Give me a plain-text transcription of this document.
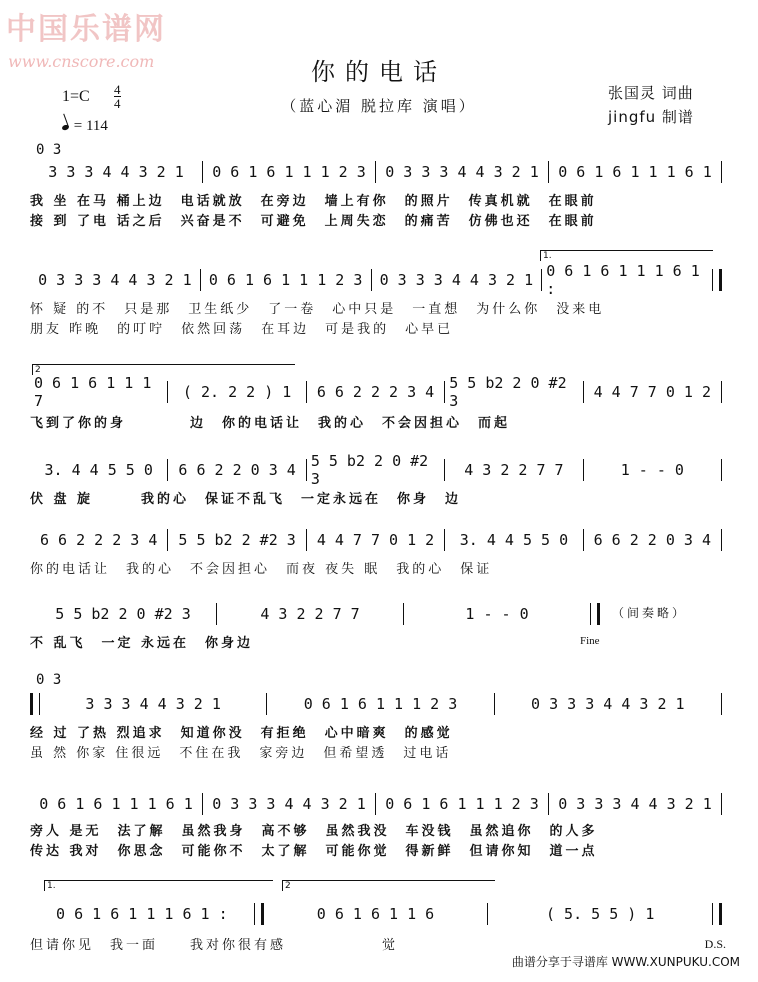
中国乐谱网
www.cnscore.com	你的电话
（蓝心湄 脱拉库 演唱）
1=C 4
4
= 114
张国灵 词曲
jingfu 制谱
0 3
3 3 3 4 4 3 2 1	0 6 1 6 1 1 1 2 3	0 3 3 3 4 4 3 2 1	0 6 1 6 1 1 1 6 1
我 坐 在马 桶上边　电话就放　在旁边　墙上有你　的照片　传真机就　在眼前
接 到 了电 话之后　兴奋是不　可避免　上周失恋　的痛苦　仿佛也还　在眼前
1.
0 3 3 3 4 4 3 2 1	0 6 1 6 1 1 1 2 3	0 3 3 3 4 4 3 2 1 0 6 1 6 1 1 1 6 1 :
怀 疑 的不　只是那　卫生纸少　了一卷　心中只是　一直想　为什么你　没来电
朋友 昨晚　的叮咛　依然回荡　在耳边　可是我的　心早已
2
0 6 1 6 1 1 1 7	( 2. 2 2 ) 1	6 6 2 2 2 3 4	5 5 b2 2 0 #2 3	4 4 7 7 0 1 2
飞到了你的身　　　　边　你的电话让　我的心　不会因担心　而起
3. 4 4 5 5 0	6 6 2 2 0 3 4	5 5 b2 2 0 #2 3	4 3 2 2 7 7	1 - - 0
伏 盘 旋　　　我的心　保证不乱飞　一定永远在　你身　边
6 6 2 2 2 3 4	5 5 b2 2 #2 3	4 4 7 7 0 1 2	3. 4 4 5 5 0	6 6 2 2 0 3 4
你的电话让　我的心　不会因担心　而夜 夜失 眠　我的心　保证
5 5 b2 2 0 #2 3	4 3 2 2 7 7	1 - - 0
不 乱飞　一定 永远在　你身边
（间奏略）
Fine
0 3
3 3 3 4 4 3 2 1	0 6 1 6 1 1 1 2 3	0 3 3 3 4 4 3 2 1
经 过 了热 烈追求　知道你没　有拒绝　心中暗爽　的感觉
虽 然 你家 住很远　不住在我　家旁边　但希望透　过电话
0 6 1 6 1 1 1 6 1	0 3 3 3 4 4 3 2 1	0 6 1 6 1 1 1 2 3	0 3 3 3 4 4 3 2 1
旁人 是无　法了解　虽然我身　高不够　虽然我没　车没钱　虽然追你　的人多
传达 我对　你思念　可能你不　太了解　可能你觉　得新鲜　但请你知　道一点
1.	2
0 6 1 6 1 1 1 6 1 :	0 6 1 6 1 1 6	( 5. 5 5 ) 1
但请你见　我一面　　我对你很有感　　　　　　觉	D.S.
曲谱分享于寻谱库 WWW.XUNPUKU.COM
